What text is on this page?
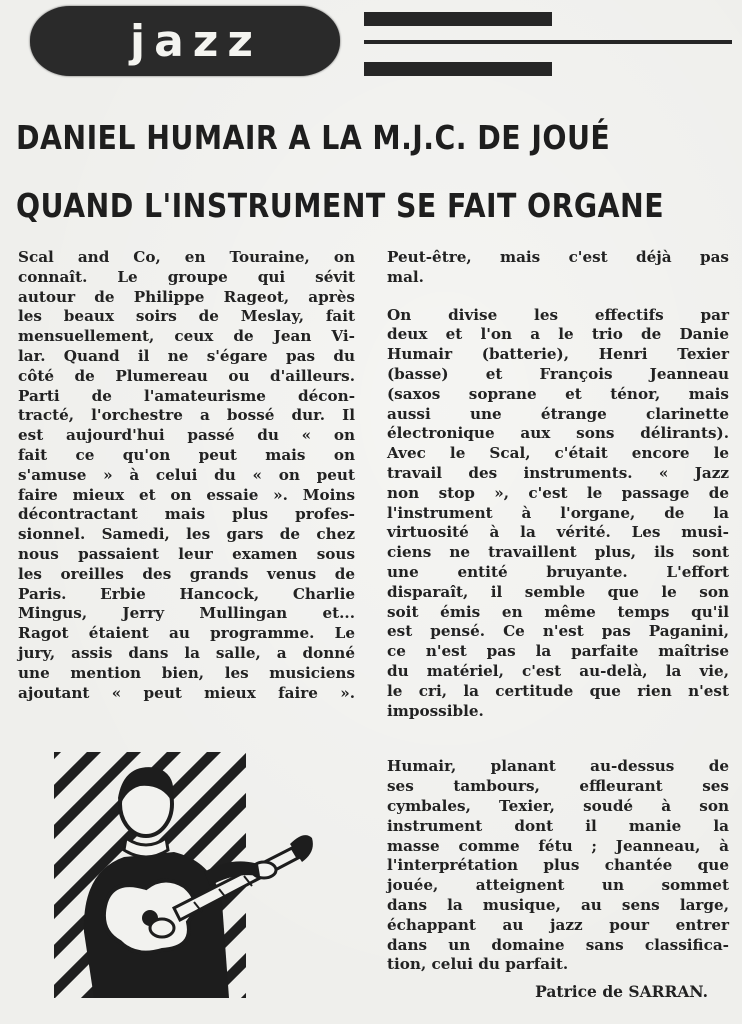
jazz
DANIEL HUMAIR A LA M.J.C. DE JOUÉ
QUAND L'INSTRUMENT SE FAIT ORGANE
Scal and Co, en Touraine, on
connaît. Le groupe qui sévit
autour de Philippe Rageot, après
les beaux soirs de Meslay, fait
mensuellement, ceux de Jean Vi-
lar. Quand il ne s'égare pas du
côté de Plumereau ou d'ailleurs.
Parti de l'amateurisme décon-
tracté, l'orchestre a bossé dur. Il
est aujourd'hui passé du « on
fait ce qu'on peut mais on
s'amuse » à celui du « on peut
faire mieux et on essaie ». Moins
décontractant mais plus profes-
sionnel. Samedi, les gars de chez
nous passaient leur examen sous
les oreilles des grands venus de
Paris. Erbie Hancock, Charlie
Mingus, Jerry Mullingan et...
Ragot étaient au programme. Le
jury, assis dans la salle, a donné
une mention bien, les musiciens
ajoutant « peut mieux faire ».
Peut-être, mais c'est déjà pas
mal.
On divise les effectifs par
deux et l'on a le trio de Danie
Humair (batterie), Henri Texier
(basse) et François Jeanneau
(saxos soprane et ténor, mais
aussi une étrange clarinette
électronique aux sons délirants).
Avec le Scal, c'était encore le
travail des instruments. « Jazz
non stop », c'est le passage de
l'instrument à l'organe, de la
virtuosité à la vérité. Les musi-
ciens ne travaillent plus, ils sont
une entité bruyante. L'effort
disparaît, il semble que le son
soit émis en même temps qu'il
est pensé. Ce n'est pas Paganini,
ce n'est pas la parfaite maîtrise
du matériel, c'est au-delà, la vie,
le cri, la certitude que rien n'est
impossible.
Humair, planant au-dessus de
ses tambours, effleurant ses
cymbales, Texier, soudé à son
instrument dont il manie la
masse comme fétu ; Jeanneau, à
l'interprétation plus chantée que
jouée, atteignent un sommet
dans la musique, au sens large,
échappant au jazz pour entrer
dans un domaine sans classifica-
tion, celui du parfait.
Patrice de SARRAN.
